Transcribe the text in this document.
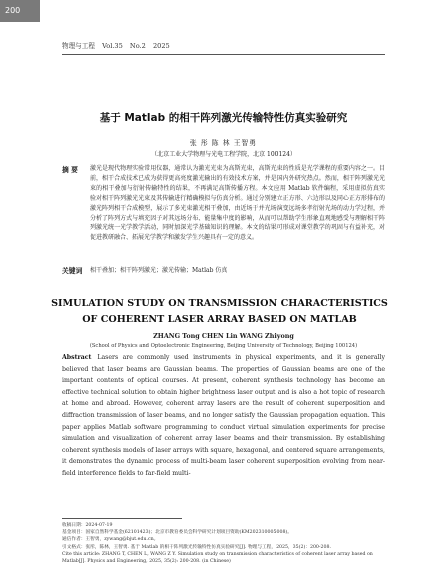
200
物理与工程 Vol.35 No.2 2025
基于 Matlab 的相干阵列激光传输特性仿真实验研究
张 彤 陈 林 王智勇
（北京工业大学物理与光电工程学院，北京 100124）
摘 要 激光是现代物理实验常用仪器，通常认为激光光束为高斯光束，高斯光束的性质是光学课程的重要内容之一。目前，相干合成技术已成为获得更高亮度激光输出的有效技术方案，并是国内外研究热点。然而，相干阵列激光光束的相干叠加与衍射传输特性的结果，不再满足高斯传播方程。本文应用 Matlab 软件编程，采用虚拟仿真实验对相干阵列激光光束及其传输进行精确模拟与仿真分析。通过分别建立正方形、六边形以及同心正方形排布的激光阵列相干合成模型，展示了多光束激光相干叠加，由近场于并光场演变远场多孝衍射光场的动力学过程，并分析了阵列方式与填充因子对其远场分布、能量集中度的影响，从而可以帮助学生形象直观地感受与理解相干阵列激光统一光学教学活动，同时加深光学基础知识的理解。本文的结果可形成对课堂教学的巩固与有益补充，对促进教研融合、拓展光学教学和激发学生兴趣具有一定的意义。
关键词 相干叠加；相干阵列激光；激光传输；Matlab 仿真
SIMULATION STUDY ON TRANSMISSION CHARACTERISTICS OF COHERENT LASER ARRAY BASED ON MATLAB
ZHANG Tong CHEN Lin WANG Zhiyong
(School of Physics and Optoelectronic Engineering, Beijing University of Technology, Beijing 100124)
Abstract Lasers are commonly used instruments in physical experiments, and it is generally believed that laser beams are Gaussian beams. The properties of Gaussian beams are one of the important contents of optical courses. At present, coherent synthesis technology has become an effective technical solution to obtain higher brightness laser output and is also a hot topic of research at home and abroad. However, coherent array lasers are the result of coherent superposition and diffraction transmission of laser beams, and no longer satisfy the Gaussian propagation equation. This paper applies Matlab software programming to conduct virtual simulation experiments for precise simulation and visualization of coherent array laser beams and their transmission. By establishing coherent synthesis models of laser arrays with square, hexagonal, and centered square arrangements, it demonstrates the dynamic process of multi-beam laser coherent superposition evolving from near-field interference fields to far-field multi-
收稿日期：2024-07-19
基金项目：国家自然科学基金(62101423)；北京市教育委员会科学研究计划项目资助(KM202310005008)。
通信作者：王智勇，zywang@bjut.edu.cn。
引文格式：张彤，陈林，王智勇. 基于 Matlab 的相干阵列激光传输特性仿真实验研究[J]. 物理与工程，2025，35(2)：200-208.
Cite this article: ZHANG T, CHEN L, WANG Z Y. Simulation study on transmission characteristics of coherent laser array based on Matlab[J]. Physics and Engineering, 2025, 35(2): 200-208. (in Chinese)
